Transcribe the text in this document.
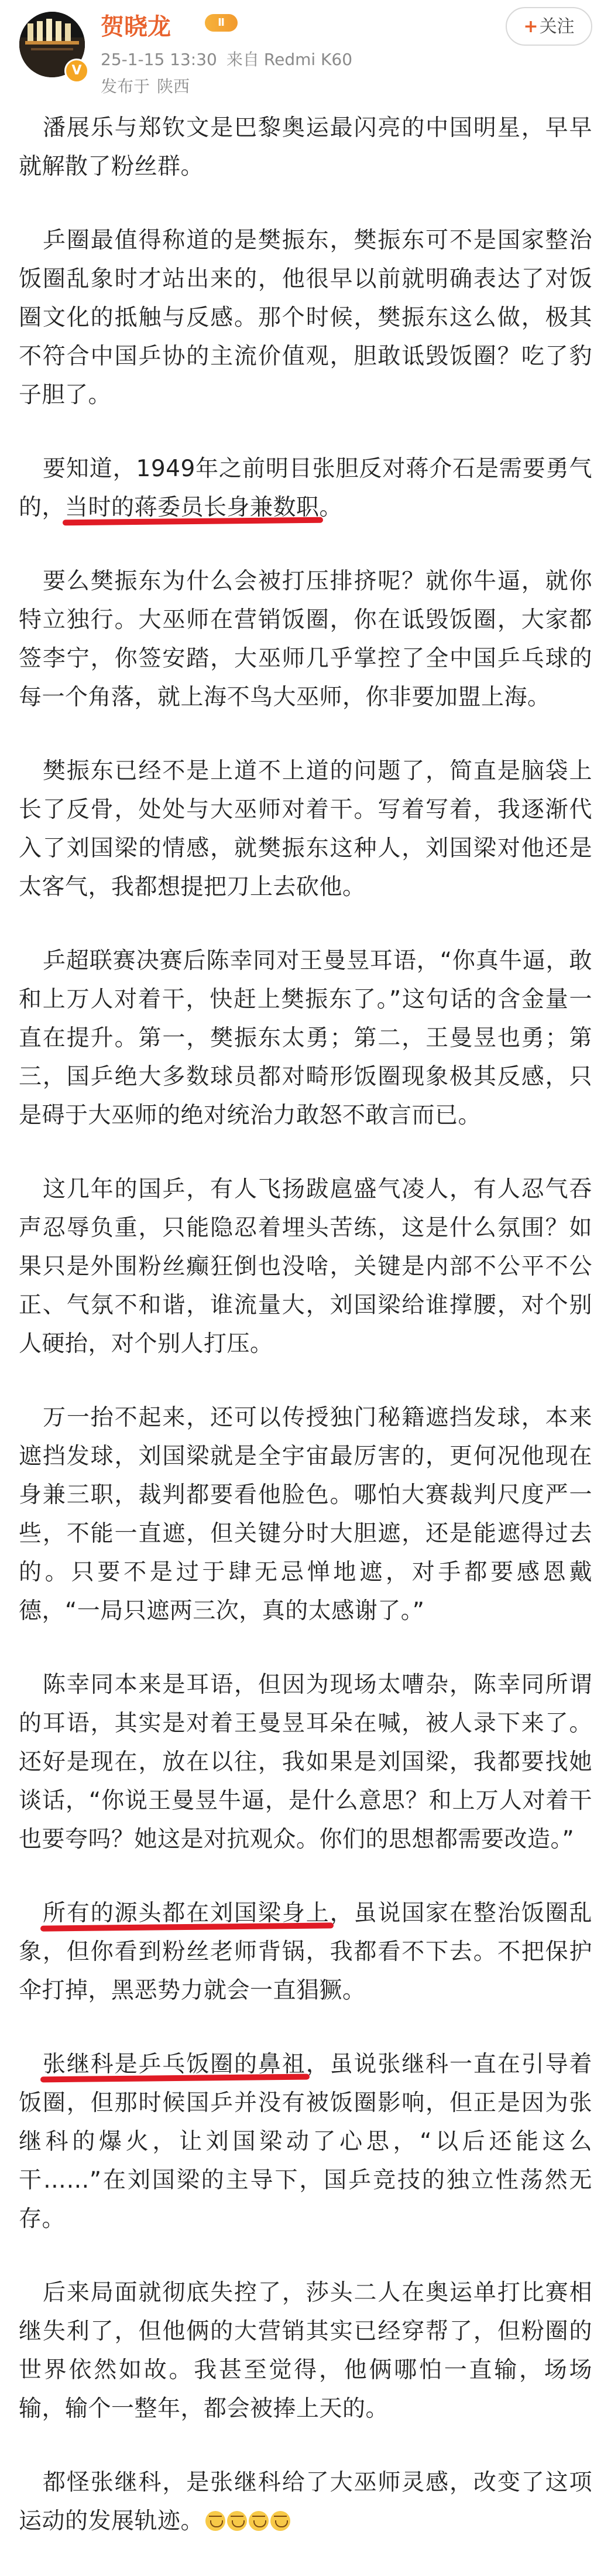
V
贺晓龙	Ⅱ
25-1-15 13:30 来自 Redmi K60
发布于 陕西
+关注

潘展乐与郑钦文是巴黎奥运最闪亮的中国明星，早早就解散了粉丝群。

乒圈最值得称道的是樊振东，樊振东可不是国家整治饭圈乱象时才站出来的，他很早以前就明确表达了对饭圈文化的抵触与反感。那个时候，樊振东这么做，极其不符合中国乒协的主流价值观，胆敢诋毁饭圈？吃了豹子胆了。

要知道，1949年之前明目张胆反对蒋介石是需要勇气的，当时的蒋委员长身兼数职。

要么樊振东为什么会被打压排挤呢？就你牛逼，就你特立独行。大巫师在营销饭圈，你在诋毁饭圈，大家都签李宁，你签安踏，大巫师几乎掌控了全中国乒乓球的每一个角落，就上海不鸟大巫师，你非要加盟上海。

樊振东已经不是上道不上道的问题了，简直是脑袋上长了反骨，处处与大巫师对着干。写着写着，我逐渐代入了刘国梁的情感，就樊振东这种人，刘国梁对他还是太客气，我都想提把刀上去砍他。

乒超联赛决赛后陈幸同对王曼昱耳语，“你真牛逼，敢和上万人对着干，快赶上樊振东了。”这句话的含金量一直在提升。第一，樊振东太勇；第二，王曼昱也勇；第三，国乒绝大多数球员都对畸形饭圈现象极其反感，只是碍于大巫师的绝对统治力敢怒不敢言而已。

这几年的国乒，有人飞扬跋扈盛气凌人，有人忍气吞声忍辱负重，只能隐忍着埋头苦练，这是什么氛围？如果只是外围粉丝癫狂倒也没啥，关键是内部不公平不公正、气氛不和谐，谁流量大，刘国梁给谁撑腰，对个别人硬抬，对个别人打压。

万一抬不起来，还可以传授独门秘籍遮挡发球，本来遮挡发球，刘国梁就是全宇宙最厉害的，更何况他现在身兼三职，裁判都要看他脸色。哪怕大赛裁判尺度严一些，不能一直遮，但关键分时大胆遮，还是能遮得过去的。只要不是过于肆无忌惮地遮，对手都要感恩戴德，“一局只遮两三次，真的太感谢了。”

陈幸同本来是耳语，但因为现场太嘈杂，陈幸同所谓的耳语，其实是对着王曼昱耳朵在喊，被人录下来了。还好是现在，放在以往，我如果是刘国梁，我都要找她谈话，“你说王曼昱牛逼，是什么意思？和上万人对着干也要夸吗？她这是对抗观众。你们的思想都需要改造。”

所有的源头都在刘国梁身上，虽说国家在整治饭圈乱象，但你看到粉丝老师背锅，我都看不下去。不把保护伞打掉，黑恶势力就会一直猖獗。

张继科是乒乓饭圈的鼻祖，虽说张继科一直在引导着饭圈，但那时候国乒并没有被饭圈影响，但正是因为张继科的爆火，让刘国梁动了心思，“以后还能这么干……”在刘国梁的主导下，国乒竞技的独立性荡然无存。

后来局面就彻底失控了，莎头二人在奥运单打比赛相继失利了，但他俩的大营销其实已经穿帮了，但粉圈的世界依然如故。我甚至觉得，他俩哪怕一直输，场场输，输个一整年，都会被捧上天的。

都怪张继科，是张继科给了大巫师灵感，改变了这项运动的发展轨迹。
